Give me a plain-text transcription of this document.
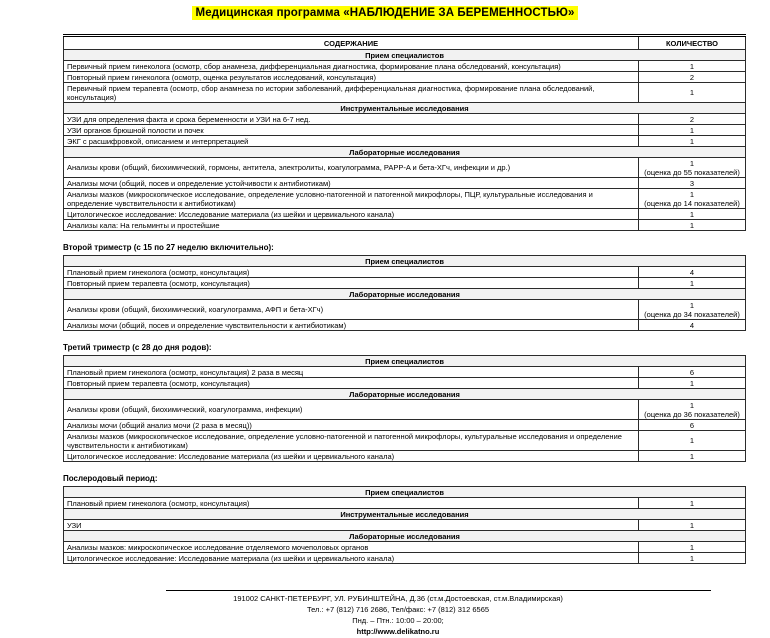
Медицинская программа «НАБЛЮДЕНИЕ ЗА БЕРЕМЕННОСТЬЮ»
СОДЕРЖАНИЕ	КОЛИЧЕСТВО
Прием специалистов	
Первичный прием гинеколога (осмотр, сбор анамнеза, дифференциальная диагностика, формирование плана обследований, консультация)	1
Повторный прием гинеколога (осмотр, оценка результатов исследований, консультация)	2
Первичный прием терапевта (осмотр, сбор анамнеза по истории заболеваний, дифференциальная диагностика, формирование плана обследований, консультация)	1
Инструментальные исследования	
УЗИ для определения факта и срока беременности и УЗИ на 6-7 нед.	2
УЗИ органов брюшной полости и почек	1
ЭКГ с расшифровкой, описанием и интерпретацией	1
Лабораторные исследования	
Анализы крови (общий, биохимический, гормоны, антитела, электролиты, коагулограмма, PAPP-A и бета-ХГч, инфекции и др.)	1
(оценка до 55 показателей)

Анализы мочи (общий, посев и определение устойчивости к антибиотикам)	3
Анализы мазков (микроскопическое исследование, определение условно-патогенной и патогенной микрофлоры, ПЦР, культуральные исследования и определение чувствительности к антибиотикам)	1
(оценка до 14 показателей)

Цитологическое исследование: Исследование материала (из шейки и цервикального канала)	1
Анализы кала: На гельминты и простейшие	1
Второй триместр (с 15 по 27 неделю включительно):
Прием специалистов	
Плановый прием гинеколога (осмотр, консультация)	4
Повторный прием терапевта (осмотр, консультация)	1
Лабораторные исследования	
Анализы крови (общий, биохимический, коагулограмма, АФП и бета-ХГч)	1
(оценка до 34 показателей)

Анализы мочи (общий, посев и определение чувствительности к антибиотикам)	4
Третий триместр (с 28 до дня родов):
Прием специалистов	
Плановый прием гинеколога (осмотр, консультация) 2 раза в месяц	6
Повторный прием терапевта (осмотр, консультация)	1
Лабораторные исследования	
Анализы крови (общий, биохимический, коагулограмма, инфекции)	1
(оценка до 36 показателей)

Анализы мочи (общий анализ мочи (2 раза в месяц))	6
Анализы мазков (микроскопическое исследование, определение условно-патогенной и патогенной микрофлоры, культуральные исследования и определение чувствительности к антибиотикам)	1
Цитологическое исследование: Исследование материала (из шейки и цервикального канала)	1
Послеродовый период:
Прием специалистов	
Плановый прием гинеколога (осмотр, консультация)	1
Инструментальные исследования	
УЗИ	1
Лабораторные исследования	
Анализы мазков: микроскопическое исследование отделяемого мочеполовых органов	1
Цитологическое исследование: Исследование материала (из шейки и цервикального канала)	1
191002 САНКТ-ПЕТЕРБУРГ, УЛ. РУБИНШТЕЙНА, Д.36 (ст.м.Достоевская, ст.м.Владимирская)
Тел.: +7 (812) 716 2686, Тел/факс: +7 (812) 312 6565
Пнд. – Птн.: 10:00 – 20:00;
http://www.delikatno.ru
